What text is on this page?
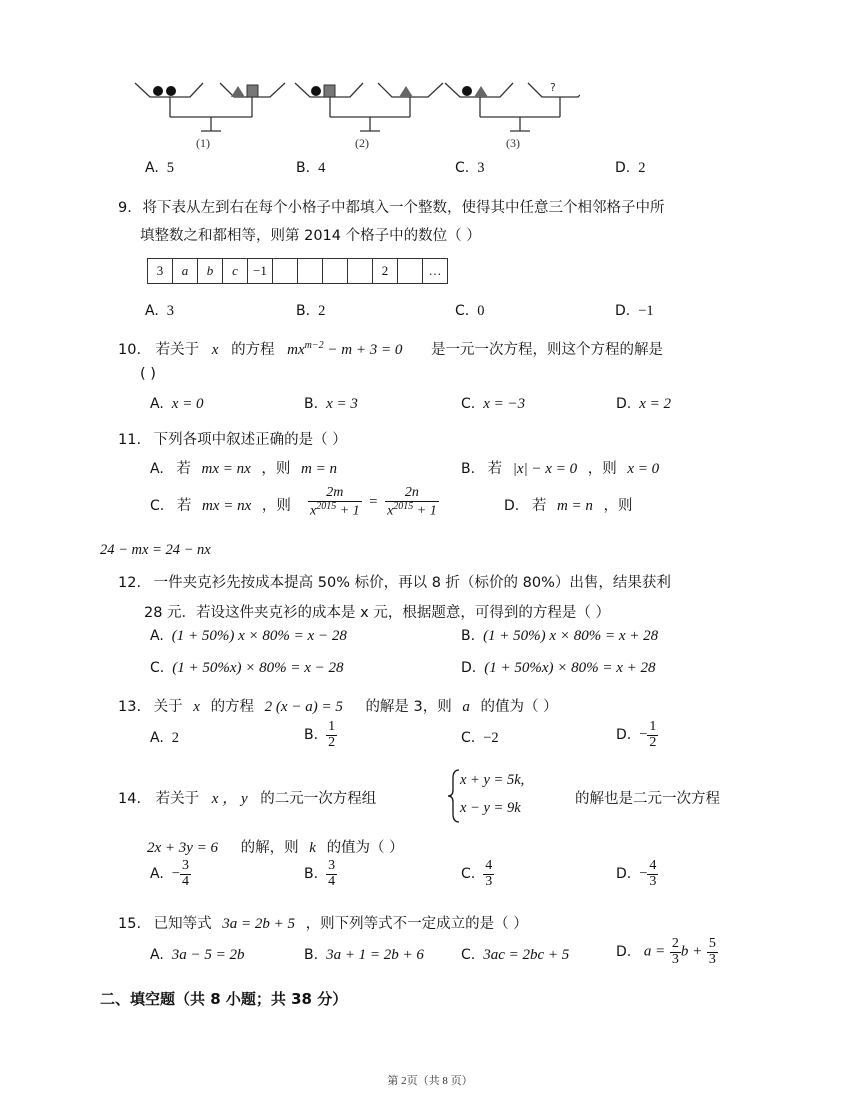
?
(1)	(2)	(3)
A. 5	B. 4	C. 3	D. 2
9. 将下表从左到右在每个小格子中都填入一个整数，使得其中任意三个相邻格子中所
填整数之和都相等，则第 2014 个格子中的数位（ ）
3	a	b	c	−1					2		…
A. 3	B. 2	C. 0	D. −1
10. 若关于 x 的方程 $mx^{m-2} - m + 3 = 0$ 是一元一次方程，则这个方程的解是
( )
A. x = 0	B. x = 3	C. x = −3	D. x = 2
11. 下列各项中叙述正确的是（ ）
A. 若 mx = nx ，则 m = n	B. 若 |x| − x = 0 ，则 x = 0
C. 若 mx = nx ，则 $\frac{2m}{x^{2015} + 1} = \frac{2n}{x^{2015} + 1}$	D. 若 m = n ，则
24 − mx = 24 − nx
12. 一件夹克衫先按成本提高 50% 标价，再以 8 折（标价的 80%）出售，结果获利
28 元．若设这件夹克衫的成本是 x 元，根据题意，可得到的方程是（ ）
A. (1 + 50%) x × 80% = x − 28	B. (1 + 50%) x × 80% = x + 28
C. (1 + 50%x) × 80% = x − 28	D. (1 + 50%x) × 80% = x + 28
13. 关于 x 的方程 2 (x − a) = 5 的解是 3，则 a 的值为（ ）
A. 2	B. $\frac{1}{2}$	C. −2	D. − $\frac{1}{2}$
14. 若关于 x ， y 的二元一次方程组
x + y = 5k,
x − y = 9k
的解也是二元一次方程
2x + 3y = 6 的解，则 k 的值为（ ）
A. − $\frac{3}{4}$	B. $\frac{3}{4}$	C. $\frac{4}{3}$	D. − $\frac{4}{3}$
15. 已知等式 3a = 2b + 5 ，则下列等式不一定成立的是（ ）
A. 3a − 5 = 2b	B. 3a + 1 = 2b + 6	C. 3ac = 2bc + 5	D. $a = \frac{2}{3}$ $b + \frac{5}{3}$
二、填空题（共 8 小题；共 38 分）
第 2页（共 8 页）
